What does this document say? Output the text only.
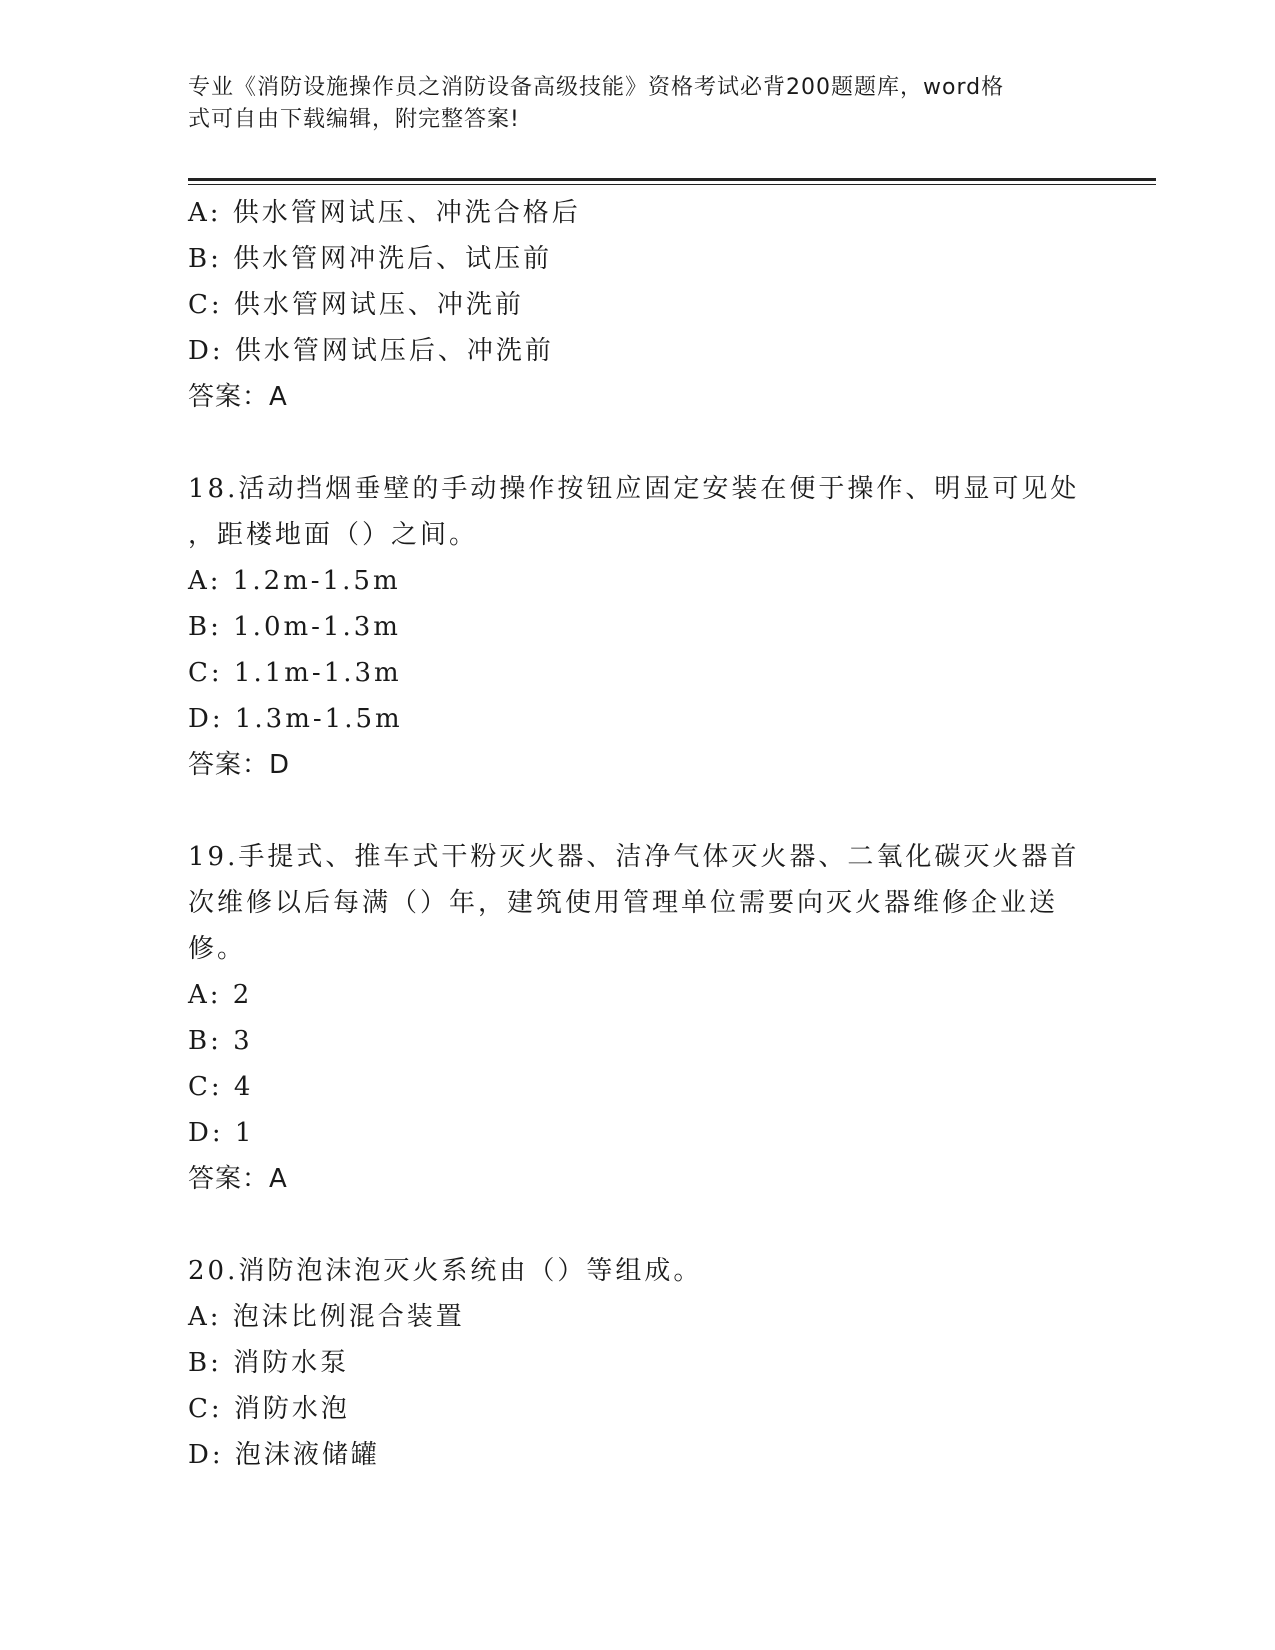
专业《消防设施操作员之消防设备高级技能》资格考试必背200题题库，word格
式可自由下载编辑，附完整答案!
A: 供水管网试压、冲洗合格后
B: 供水管网冲洗后、试压前
C: 供水管网试压、冲洗前
D: 供水管网试压后、冲洗前
答案：A
18.活动挡烟垂壁的手动操作按钮应固定安装在便于操作、明显可见处
，距楼地面（）之间。
A: 1.2m-1.5m
B: 1.0m-1.3m
C: 1.1m-1.3m
D: 1.3m-1.5m
答案：D
19.手提式、推车式干粉灭火器、洁净气体灭火器、二氧化碳灭火器首
次维修以后每满（）年，建筑使用管理单位需要向灭火器维修企业送
修。
A: 2
B: 3
C: 4
D: 1
答案：A
20.消防泡沫泡灭火系统由（）等组成。
A: 泡沫比例混合装置
B: 消防水泵
C: 消防水泡
D: 泡沫液储罐
